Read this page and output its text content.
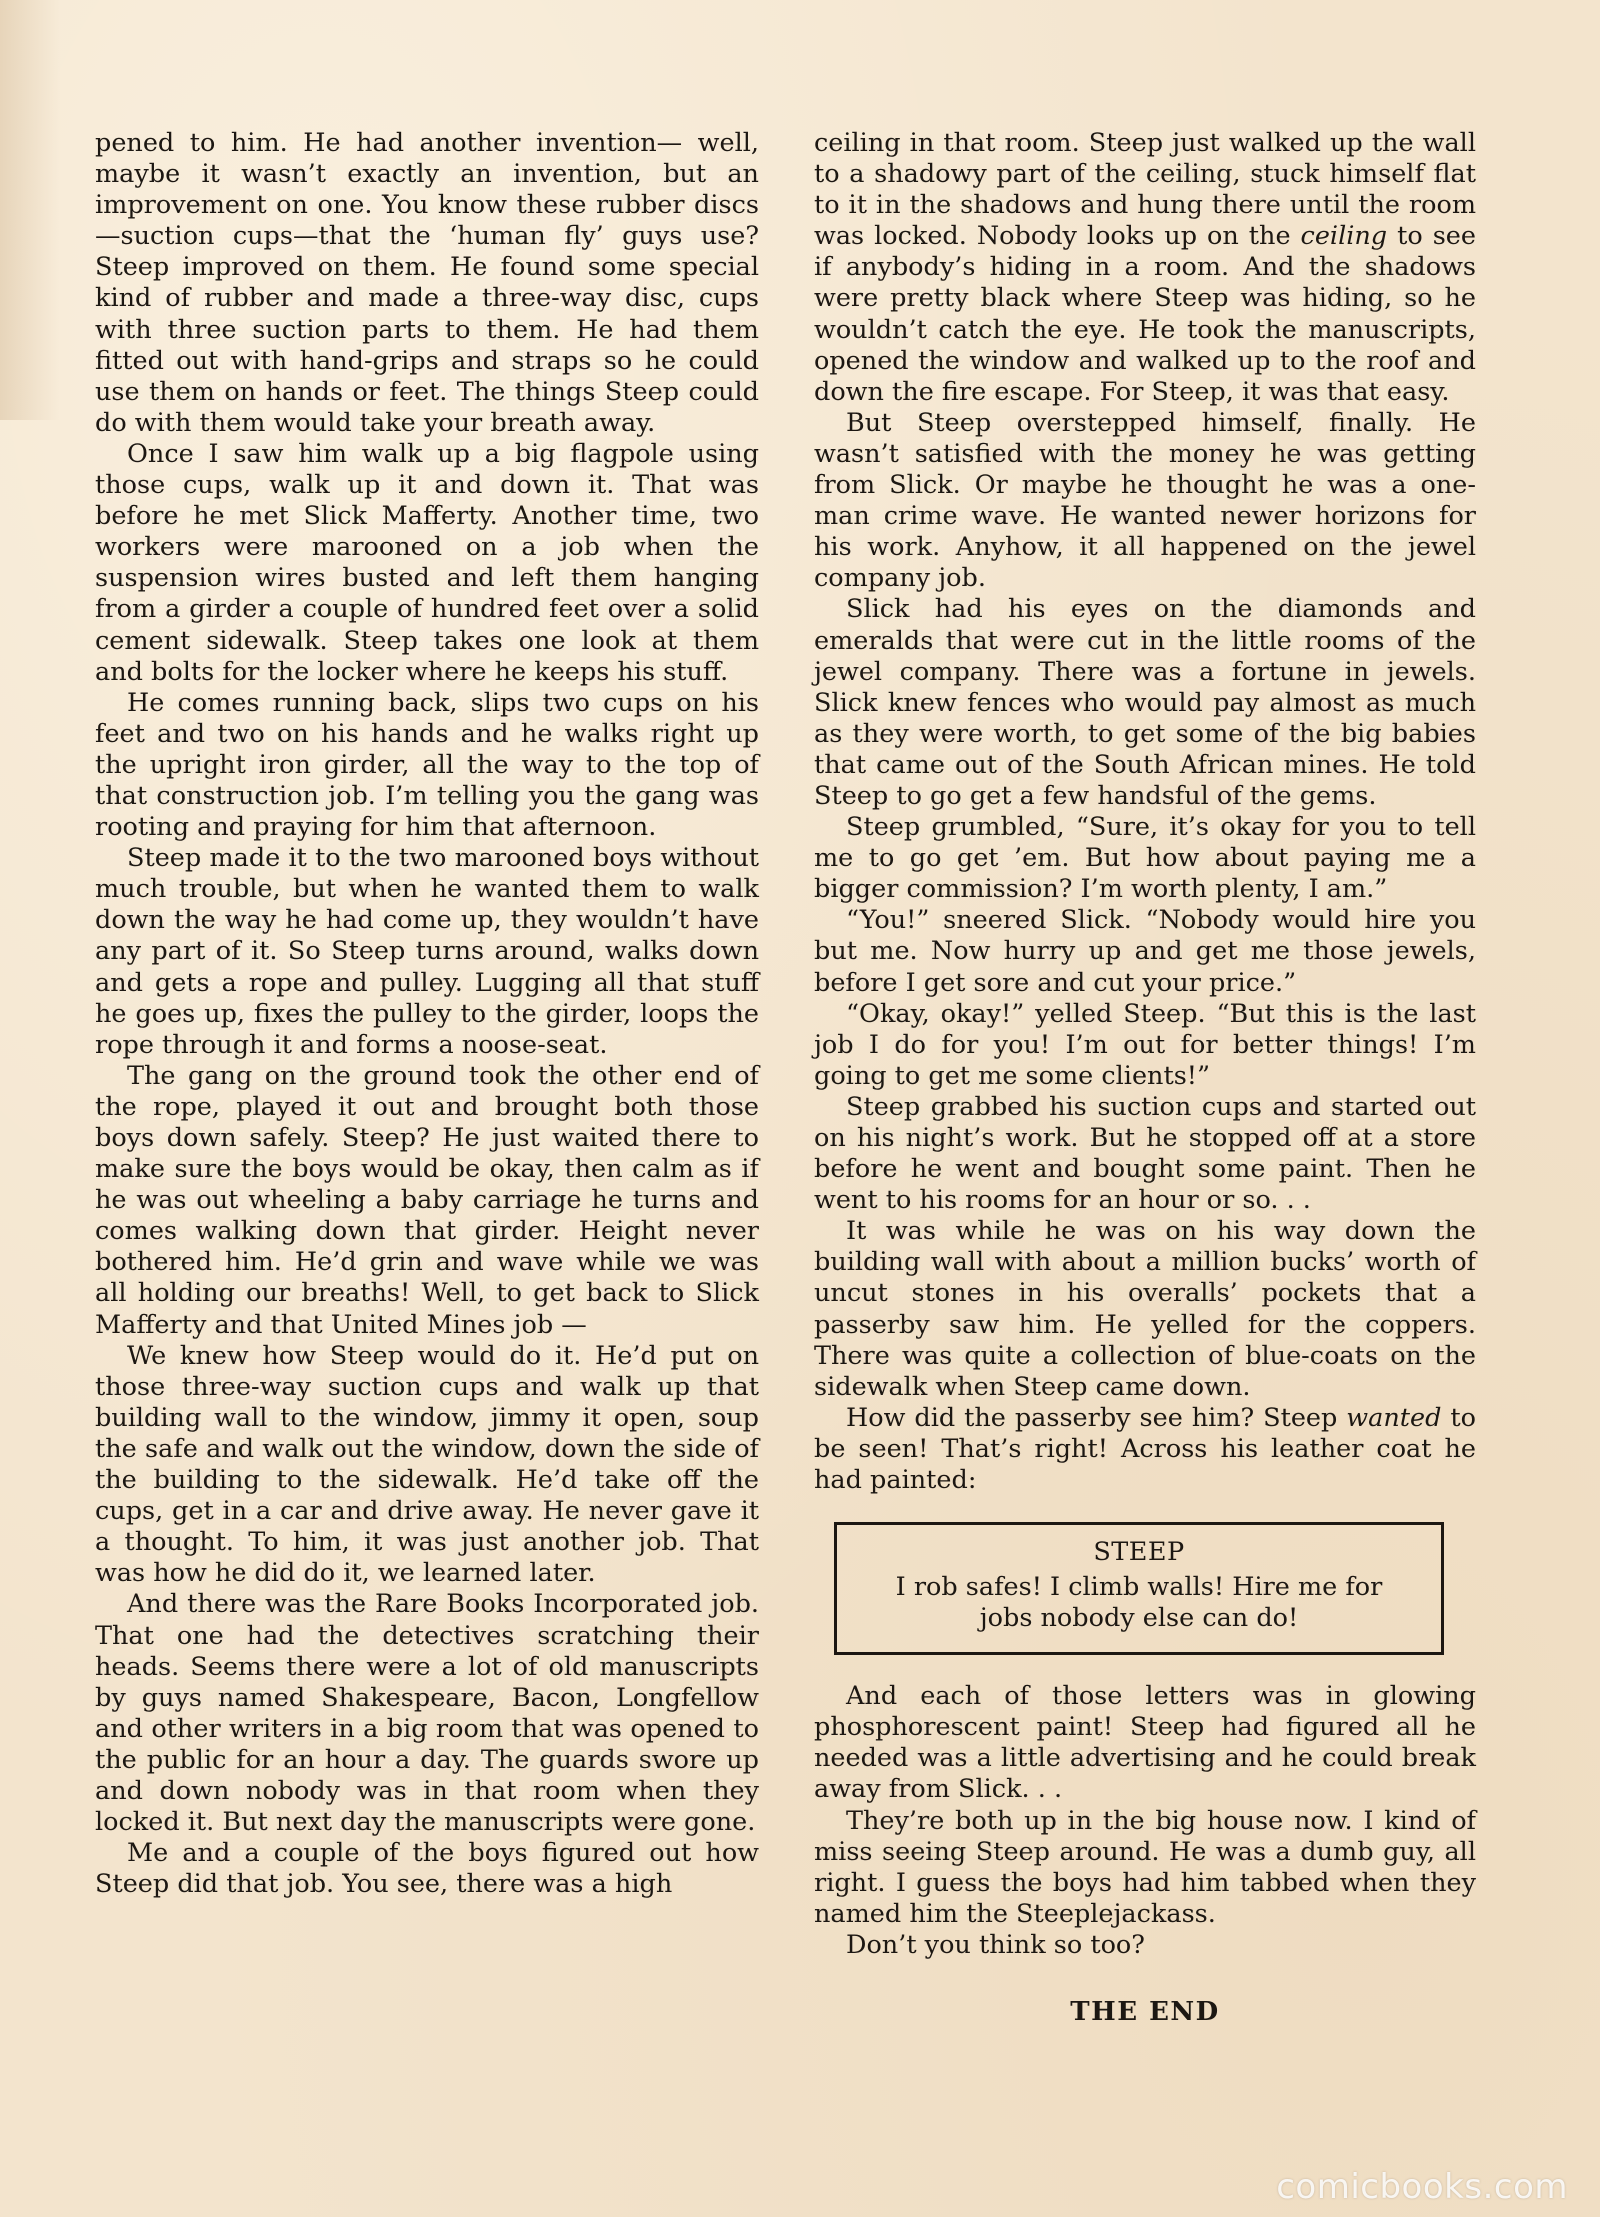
pened to him. He had another invention— well, maybe it wasn’t exactly an invention, but an improvement on one. You know these rubber discs—suction cups—that the ‘human fly’ guys use? Steep improved on them. He found some special kind of rubber and made a three-way disc, cups with three suction parts to them. He had them fitted out with hand-grips and straps so he could use them on hands or feet. The things Steep could do with them would take your breath away.

Once I saw him walk up a big flagpole using those cups, walk up it and down it. That was before he met Slick Mafferty. Another time, two workers were marooned on a job when the suspension wires busted and left them hanging from a girder a couple of hundred feet over a solid cement sidewalk. Steep takes one look at them and bolts for the locker where he keeps his stuff.

He comes running back, slips two cups on his feet and two on his hands and he walks right up the upright iron girder, all the way to the top of that construction job. I’m telling you the gang was rooting and praying for him that afternoon.

Steep made it to the two marooned boys without much trouble, but when he wanted them to walk down the way he had come up, they wouldn’t have any part of it. So Steep turns around, walks down and gets a rope and pulley. Lugging all that stuff he goes up, fixes the pulley to the girder, loops the rope through it and forms a noose-seat.

The gang on the ground took the other end of the rope, played it out and brought both those boys down safely. Steep? He just waited there to make sure the boys would be okay, then calm as if he was out wheeling a baby carriage he turns and comes walking down that girder. Height never bothered him. He’d grin and wave while we was all holding our breaths! Well, to get back to Slick Mafferty and that United Mines job —

We knew how Steep would do it. He’d put on those three-way suction cups and walk up that building wall to the window, jimmy it open, soup the safe and walk out the window, down the side of the building to the sidewalk. He’d take off the cups, get in a car and drive away. He never gave it a thought. To him, it was just another job. That was how he did do it, we learned later.

And there was the Rare Books Incorporated job. That one had the detectives scratching their heads. Seems there were a lot of old manuscripts by guys named Shakespeare, Bacon, Longfellow and other writers in a big room that was opened to the public for an hour a day. The guards swore up and down nobody was in that room when they locked it. But next day the manuscripts were gone.

Me and a couple of the boys figured out how Steep did that job. You see, there was a high

ceiling in that room. Steep just walked up the wall to a shadowy part of the ceiling, stuck himself flat to it in the shadows and hung there until the room was locked. Nobody looks up on the ceiling to see if anybody’s hiding in a room. And the shadows were pretty black where Steep was hiding, so he wouldn’t catch the eye. He took the manuscripts, opened the window and walked up to the roof and down the fire escape. For Steep, it was that easy.

But Steep overstepped himself, finally. He wasn’t satisfied with the money he was getting from Slick. Or maybe he thought he was a one-man crime wave. He wanted newer horizons for his work. Anyhow, it all happened on the jewel company job.

Slick had his eyes on the diamonds and emeralds that were cut in the little rooms of the jewel company. There was a fortune in jewels. Slick knew fences who would pay almost as much as they were worth, to get some of the big babies that came out of the South African mines. He told Steep to go get a few handsful of the gems.

Steep grumbled, “Sure, it’s okay for you to tell me to go get ’em. But how about paying me a bigger commission? I’m worth plenty, I am.”

“You!” sneered Slick. “Nobody would hire you but me. Now hurry up and get me those jewels, before I get sore and cut your price.”

“Okay, okay!” yelled Steep. “But this is the last job I do for you! I’m out for better things! I’m going to get me some clients!”

Steep grabbed his suction cups and started out on his night’s work. But he stopped off at a store before he went and bought some paint. Then he went to his rooms for an hour or so. . .

It was while he was on his way down the building wall with about a million bucks’ worth of uncut stones in his overalls’ pockets that a passerby saw him. He yelled for the coppers. There was quite a collection of blue-coats on the sidewalk when Steep came down.

How did the passerby see him? Steep wanted to be seen! That’s right! Across his leather coat he had painted:

STEEP
I rob safes! I climb walls! Hire me for jobs nobody else can do!

And each of those letters was in glowing phosphorescent paint! Steep had figured all he needed was a little advertising and he could break away from Slick. . .

They’re both up in the big house now. I kind of miss seeing Steep around. He was a dumb guy, all right. I guess the boys had him tabbed when they named him the Steeplejackass.

Don’t you think so too?

THE END
comicbooks.com
